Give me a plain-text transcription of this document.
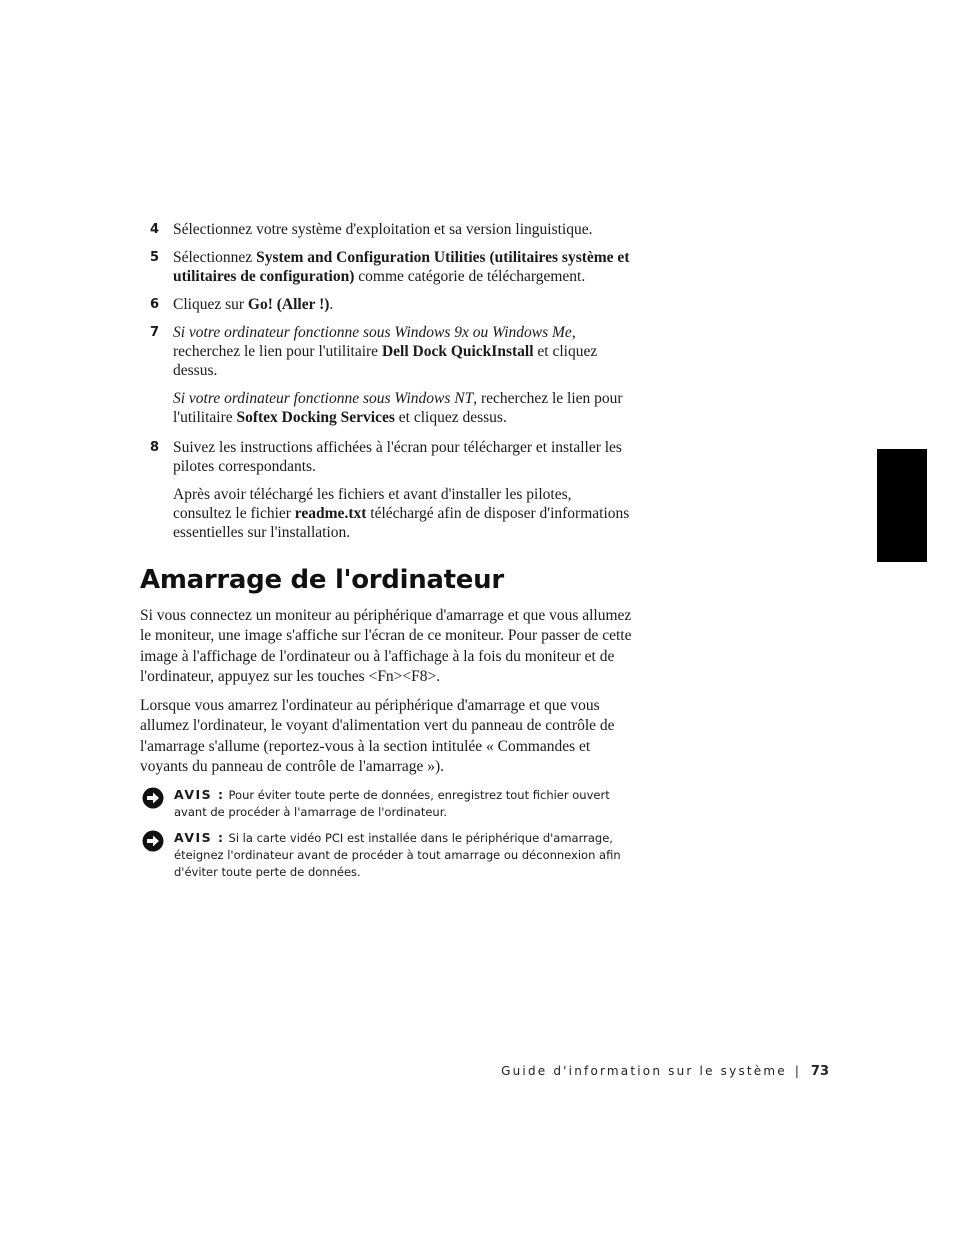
4 Sélectionnez votre système d'exploitation et sa version linguistique.
5 Sélectionnez System and Configuration Utilities (utilitaires système et utilitaires de configuration) comme catégorie de téléchargement.
6 Cliquez sur Go! (Aller !).
7 Si votre ordinateur fonctionne sous Windows 9x ou Windows Me, recherchez le lien pour l'utilitaire Dell Dock QuickInstall et cliquez dessus.
Si votre ordinateur fonctionne sous Windows NT, recherchez le lien pour l'utilitaire Softex Docking Services et cliquez dessus.
8 Suivez les instructions affichées à l'écran pour télécharger et installer les pilotes correspondants.
Après avoir téléchargé les fichiers et avant d'installer les pilotes, consultez le fichier readme.txt téléchargé afin de disposer d'informations essentielles sur l'installation.
Amarrage de l'ordinateur

Si vous connectez un moniteur au périphérique d'amarrage et que vous allumez le moniteur, une image s'affiche sur l'écran de ce moniteur. Pour passer de cette image à l'affichage de l'ordinateur ou à l'affichage à la fois du moniteur et de l'ordinateur, appuyez sur les touches <Fn><F8>.

Lorsque vous amarrez l'ordinateur au périphérique d'amarrage et que vous allumez l'ordinateur, le voyant d'alimentation vert du panneau de contrôle de l'amarrage s'allume (reportez-vous à la section intitulée « Commandes et voyants du panneau de contrôle de l'amarrage »).

AVIS : Pour éviter toute perte de données, enregistrez tout fichier ouvert avant de procéder à l'amarrage de l'ordinateur.
AVIS : Si la carte vidéo PCI est installée dans le périphérique d'amarrage, éteignez l'ordinateur avant de procéder à tout amarrage ou déconnexion afin d'éviter toute perte de données.
Guide d'information sur le système | 73
